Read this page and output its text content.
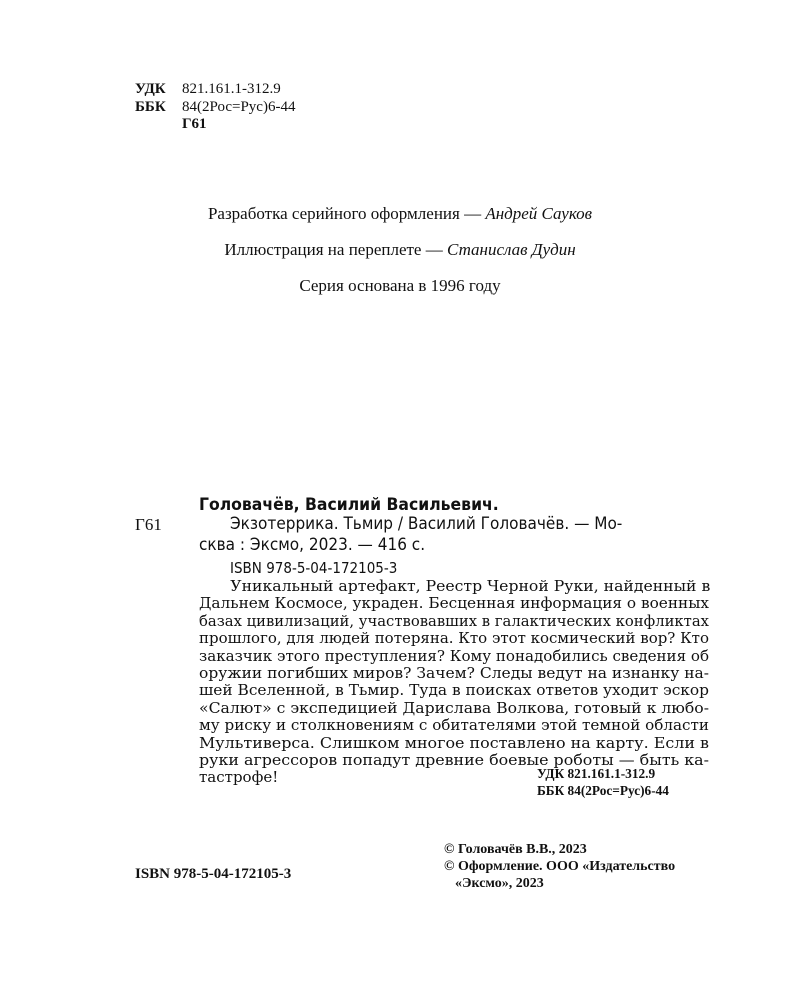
УДК 821.161.1-312.9
ББК 84(2Рос=Рус)6-44
Г61
Разработка серийного оформления — Андрей Сауков
Иллюстрация на переплете — Станислав Дудин
Серия основана в 1996 году
Головачёв, Василий Васильевич.
Г61	Экзотеррика. Тьмир / Василий Головачёв. — Мо-
сква : Эксмо, 2023. — 416 с.
ISBN 978-5-04-172105-3
Уникальный артефакт, Реестр Черной Руки, найденный в
Дальнем Космосе, украден. Бесценная информация о военных
базах цивилизаций, участвовавших в галактических конфликтах
прошлого, для людей потеряна. Кто этот космический вор? Кто
заказчик этого преступления? Кому понадобились сведения об
оружии погибших миров? Зачем? Следы ведут на изнанку на-
шей Вселенной, в Тьмир. Туда в поисках ответов уходит эскор
«Салют» с экспедицией Дарислава Волкова, готовый к любо-
му риску и столкновениям с обитателями этой темной области
Мультиверса. Слишком многое поставлено на карту. Если в
руки агрессоров попадут древние боевые роботы — быть ка-
тастрофе!	УДК 821.161.1-312.9
ББК 84(2Рос=Рус)6-44
ISBN 978-5-04-172105-3
© Головачёв В.В., 2023
© Оформление. ООО «Издательство
«Эксмо», 2023
